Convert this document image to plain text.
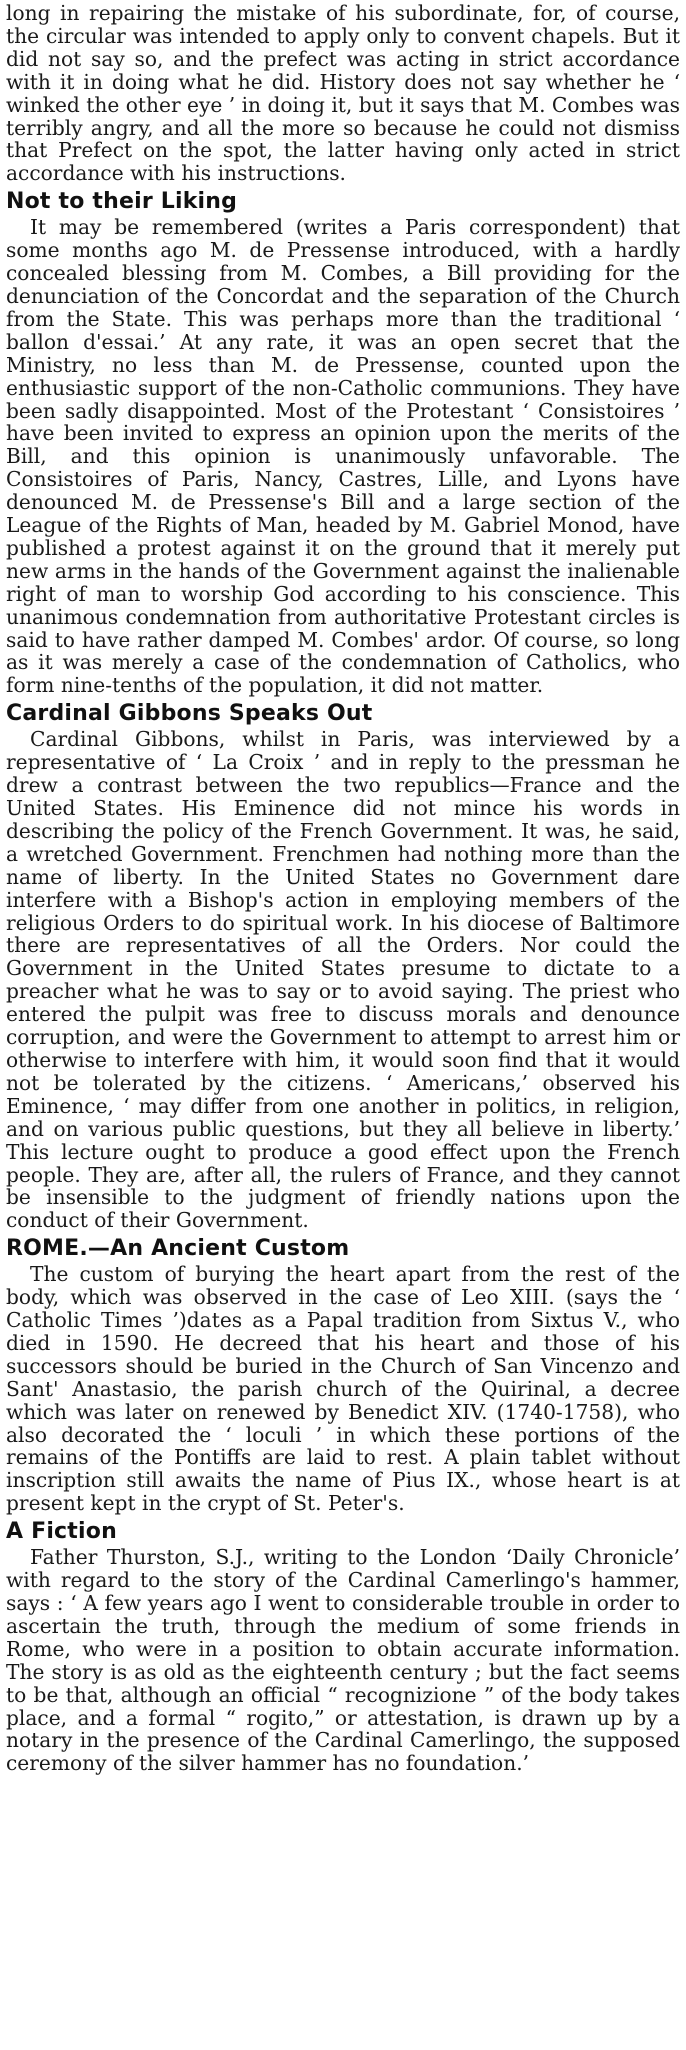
long in repairing the mistake of his subordinate, for, of course, the circular was intended to apply only to convent chapels. But it did not say so, and the prefect was acting in strict accordance with it in doing what he did. History does not say whether he ‘ winked the other eye ’ in doing it, but it says that M. Combes was terribly angry, and all the more so because he could not dismiss that Prefect on the spot, the latter having only acted in strict accordance with his instructions.

Not to their Liking

It may be remembered (writes a Paris correspondent) that some months ago M. de Pressense introduced, with a hardly concealed blessing from M. Combes, a Bill providing for the denunciation of the Concordat and the separation of the Church from the State. This was perhaps more than the traditional ‘ ballon d'essai.’ At any rate, it was an open secret that the Ministry, no less than M. de Pressense, counted upon the enthusiastic support of the non-Catholic communions. They have been sadly disappointed. Most of the Protestant ‘ Consistoires ’ have been invited to express an opinion upon the merits of the Bill, and this opinion is unanimously unfavorable. The Consistoires of Paris, Nancy, Castres, Lille, and Lyons have denounced M. de Pressense's Bill and a large section of the League of the Rights of Man, headed by M. Gabriel Monod, have published a protest against it on the ground that it merely put new arms in the hands of the Government against the inalienable right of man to worship God according to his conscience. This unanimous condemnation from authoritative Protestant circles is said to have rather damped M. Combes' ardor. Of course, so long as it was merely a case of the condemnation of Catholics, who form nine-tenths of the population, it did not matter.

Cardinal Gibbons Speaks Out

Cardinal Gibbons, whilst in Paris, was interviewed by a representative of ‘ La Croix ’ and in reply to the pressman he drew a contrast between the two republics—France and the United States. His Eminence did not mince his words in describing the policy of the French Government. It was, he said, a wretched Government. Frenchmen had nothing more than the name of liberty. In the United States no Government dare interfere with a Bishop's action in employing members of the religious Orders to do spiritual work. In his diocese of Baltimore there are representatives of all the Orders. Nor could the Government in the United States presume to dictate to a preacher what he was to say or to avoid saying. The priest who entered the pulpit was free to discuss morals and denounce corruption, and were the Government to attempt to arrest him or otherwise to interfere with him, it would soon find that it would not be tolerated by the citizens. ‘ Americans,’ observed his Eminence, ‘ may differ from one another in politics, in religion, and on various public questions, but they all believe in liberty.’ This lecture ought to produce a good effect upon the French people. They are, after all, the rulers of France, and they cannot be insensible to the judgment of friendly nations upon the conduct of their Government.

ROME.—An Ancient Custom

The custom of burying the heart apart from the rest of the body, which was observed in the case of Leo XIII. (says the ‘ Catholic Times ’)dates as a Papal tradition from Sixtus V., who died in 1590. He decreed that his heart and those of his successors should be buried in the Church of San Vincenzo and Sant' Anastasio, the parish church of the Quirinal, a decree which was later on renewed by Benedict XIV. (1740-1758), who also decorated the ‘ loculi ’ in which these portions of the remains of the Pontiffs are laid to rest. A plain tablet without inscription still awaits the name of Pius IX., whose heart is at present kept in the crypt of St. Peter's.

A Fiction

Father Thurston, S.J., writing to the London ‘Daily Chronicle’ with regard to the story of the Cardinal Camerlingo's hammer, says : ‘ A few years ago I went to considerable trouble in order to ascertain the truth, through the medium of some friends in Rome, who were in a position to obtain accurate information. The story is as old as the eighteenth century ; but the fact seems to be that, although an official “ recognizione ” of the body takes place, and a formal “ rogito,” or attestation, is drawn up by a notary in the presence of the Cardinal Camerlingo, the supposed ceremony of the silver hammer has no foundation.’
